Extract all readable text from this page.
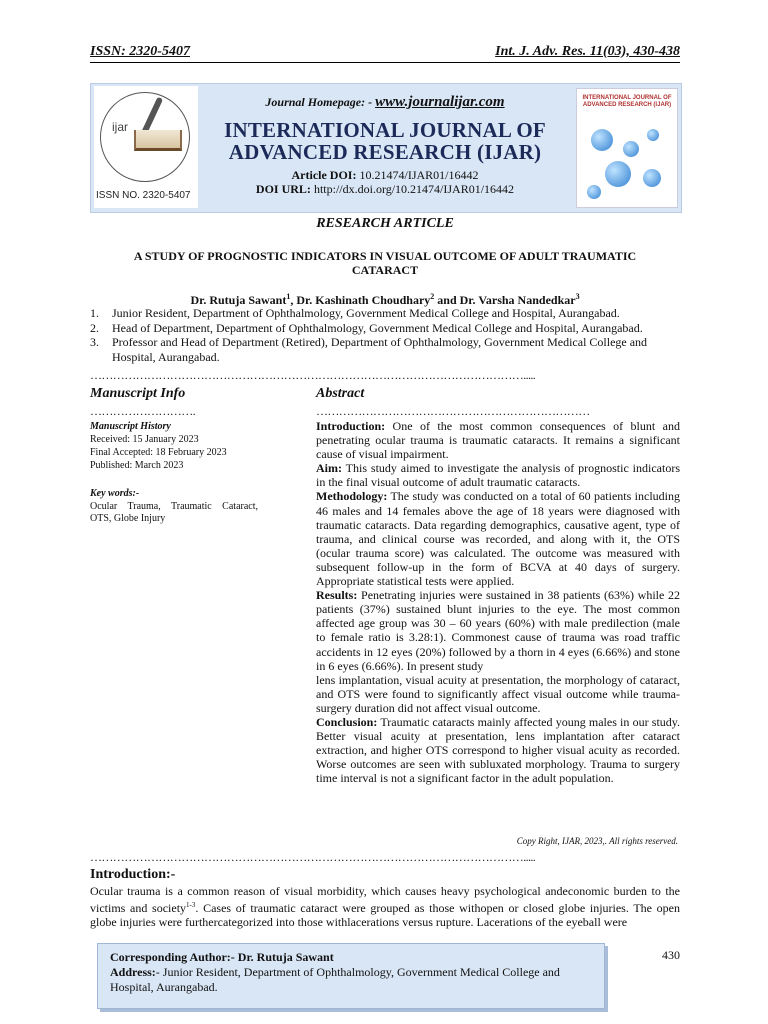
ISSN: 2320-5407	Int. J. Adv. Res. 11(03), 430-438
ijar
ISSN NO. 2320-5407
Journal Homepage: - www.journalijar.com
INTERNATIONAL JOURNAL OF
ADVANCED RESEARCH (IJAR)
Article DOI: 10.21474/IJAR01/16442
DOI URL: http://dx.doi.org/10.21474/IJAR01/16442
INTERNATIONAL JOURNAL OF ADVANCED RESEARCH (IJAR)
RESEARCH ARTICLE
A STUDY OF PROGNOSTIC INDICATORS IN VISUAL OUTCOME OF ADULT TRAUMATIC CATARACT
Dr. Rutuja Sawant$^1$, Dr. Kashinath Choudhary$^2$ and Dr. Varsha Nandedkar$^3$
1. Junior Resident, Department of Ophthalmology, Government Medical College and Hospital, Aurangabad.
2. Head of Department, Department of Ophthalmology, Government Medical College and Hospital, Aurangabad.
3. Professor and Head of Department (Retired), Department of Ophthalmology, Government Medical College and Hospital, Aurangabad.
…………………………………………………………………………………………………….....
Manuscript Info
……………………….
Manuscript History
Received: 15 January 2023
Final Accepted: 18 February 2023
Published: March 2023
Key words:-
Ocular Trauma, Traumatic Cataract, OTS, Globe Injury
Abstract
………………………………………………………………

Introduction: One of the most common consequences of blunt and penetrating ocular trauma is traumatic cataracts. It remains a significant cause of visual impairment.

Aim: This study aimed to investigate the analysis of prognostic indicators in the final visual outcome of adult traumatic cataracts.

Methodology: The study was conducted on a total of 60 patients including 46 males and 14 females above the age of 18 years were diagnosed with traumatic cataracts. Data regarding demographics, causative agent, type of trauma, and clinical course was recorded, and along with it, the OTS (ocular trauma score) was calculated. The outcome was measured with subsequent follow-up in the form of BCVA at 40 days of surgery. Appropriate statistical tests were applied.

Results: Penetrating injuries were sustained in 38 patients (63%) while 22 patients (37%) sustained blunt injuries to the eye. The most common affected age group was 30 – 60 years (60%) with male predilection (male to female ratio is 3.28:1). Commonest cause of trauma was road traffic accidents in 12 eyes (20%) followed by a thorn in 4 eyes (6.66%) and stone in 6 eyes (6.66%). In present study

lens implantation, visual acuity at presentation, the morphology of cataract, and OTS were found to significantly affect visual outcome while trauma-surgery duration did not affect visual outcome.

Conclusion: Traumatic cataracts mainly affected young males in our study. Better visual acuity at presentation, lens implantation after cataract extraction, and higher OTS correspond to higher visual acuity as recorded. Worse outcomes are seen with subluxated morphology. Trauma to surgery time interval is not a significant factor in the adult population.

Copy Right, IJAR, 2023,. All rights reserved.
…………………………………………………………………………………………………….....
Introduction:-

Ocular trauma is a common reason of visual morbidity, which causes heavy psychological andeconomic burden to the victims and society$^{1-3}$. Cases of traumatic cataract were grouped as those withopen or closed globe injuries. The open globe injuries were furthercategorized into those withlacerations versus rupture. Lacerations of the eyeball were

Corresponding Author:- Dr. Rutuja Sawant
Address:- Junior Resident, Department of Ophthalmology, Government Medical College and Hospital, Aurangabad.
430
